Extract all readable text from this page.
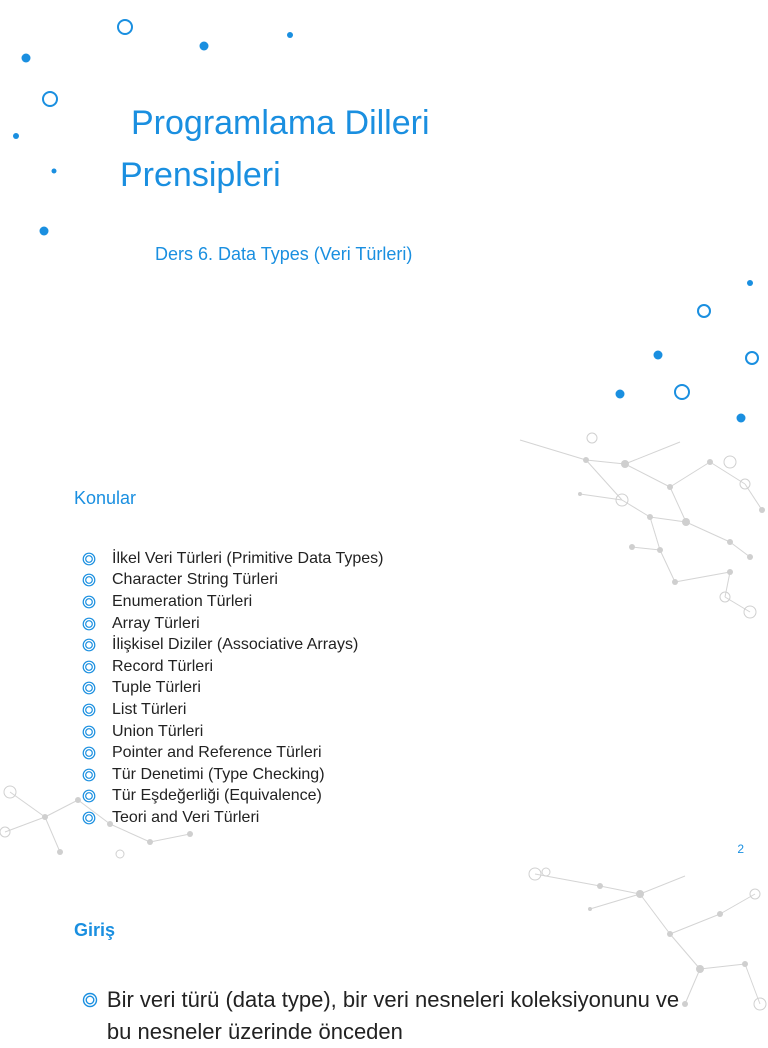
Programlama Dilleri
Prensipleri
Ders 6. Data Types (Veri Türleri)
Konular
İlkel Veri Türleri (Primitive Data Types)
Character String Türleri
Enumeration Türleri
Array Türleri
İlişkisel Diziler (Associative Arrays)
Record Türleri
Tuple Türleri
List Türleri
Union Türleri
Pointer and Reference Türleri
Tür Denetimi (Type Checking)
Tür Eşdeğerliği (Equivalence)
Teori and Veri Türleri
2
Giriş
Bir veri türü (data type), bir veri nesneleri koleksiyonunu ve bu nesneler üzerinde önceden
